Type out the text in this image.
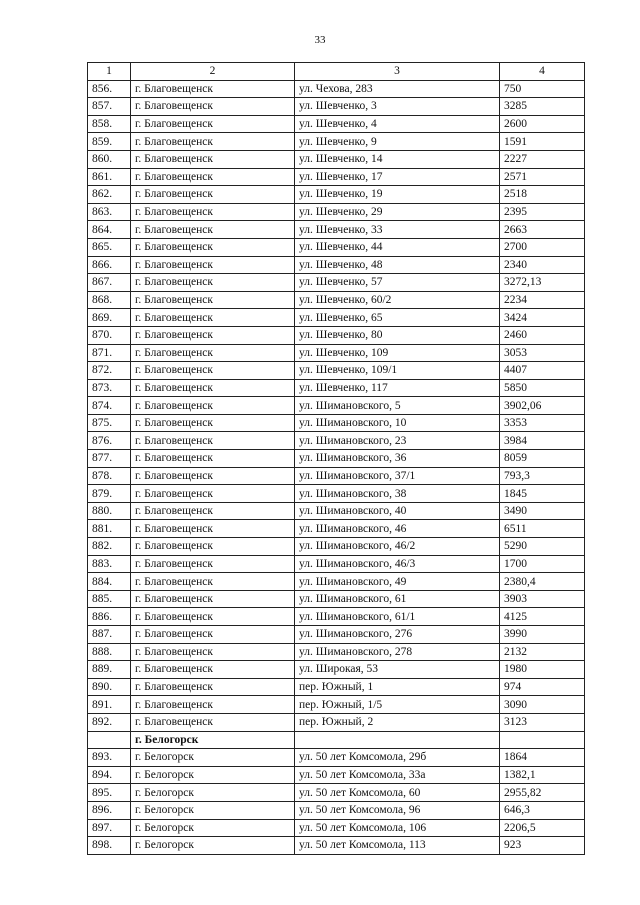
33
1	2	3	4
856.	г. Благовещенск	ул. Чехова, 283	750
857.	г. Благовещенск	ул. Шевченко, 3	3285
858.	г. Благовещенск	ул. Шевченко, 4	2600
859.	г. Благовещенск	ул. Шевченко, 9	1591
860.	г. Благовещенск	ул. Шевченко, 14	2227
861.	г. Благовещенск	ул. Шевченко, 17	2571
862.	г. Благовещенск	ул. Шевченко, 19	2518
863.	г. Благовещенск	ул. Шевченко, 29	2395
864.	г. Благовещенск	ул. Шевченко, 33	2663
865.	г. Благовещенск	ул. Шевченко, 44	2700
866.	г. Благовещенск	ул. Шевченко, 48	2340
867.	г. Благовещенск	ул. Шевченко, 57	3272,13
868.	г. Благовещенск	ул. Шевченко, 60/2	2234
869.	г. Благовещенск	ул. Шевченко, 65	3424
870.	г. Благовещенск	ул. Шевченко, 80	2460
871.	г. Благовещенск	ул. Шевченко, 109	3053
872.	г. Благовещенск	ул. Шевченко, 109/1	4407
873.	г. Благовещенск	ул. Шевченко, 117	5850
874.	г. Благовещенск	ул. Шимановского, 5	3902,06
875.	г. Благовещенск	ул. Шимановского, 10	3353
876.	г. Благовещенск	ул. Шимановского, 23	3984
877.	г. Благовещенск	ул. Шимановского, 36	8059
878.	г. Благовещенск	ул. Шимановского, 37/1	793,3
879.	г. Благовещенск	ул. Шимановского, 38	1845
880.	г. Благовещенск	ул. Шимановского, 40	3490
881.	г. Благовещенск	ул. Шимановского, 46	6511
882.	г. Благовещенск	ул. Шимановского, 46/2	5290
883.	г. Благовещенск	ул. Шимановского, 46/3	1700
884.	г. Благовещенск	ул. Шимановского, 49	2380,4
885.	г. Благовещенск	ул. Шимановского, 61	3903
886.	г. Благовещенск	ул. Шимановского, 61/1	4125
887.	г. Благовещенск	ул. Шимановского, 276	3990
888.	г. Благовещенск	ул. Шимановского, 278	2132
889.	г. Благовещенск	ул. Широкая, 53	1980
890.	г. Благовещенск	пер. Южный, 1	974
891.	г. Благовещенск	пер. Южный, 1/5	3090
892.	г. Благовещенск	пер. Южный, 2	3123
	г. Белогорск		
893.	г. Белогорск	ул. 50 лет Комсомола, 29б	1864
894.	г. Белогорск	ул. 50 лет Комсомола, 33а	1382,1
895.	г. Белогорск	ул. 50 лет Комсомола, 60	2955,82
896.	г. Белогорск	ул. 50 лет Комсомола, 96	646,3
897.	г. Белогорск	ул. 50 лет Комсомола, 106	2206,5
898.	г. Белогорск	ул. 50 лет Комсомола, 113	923
